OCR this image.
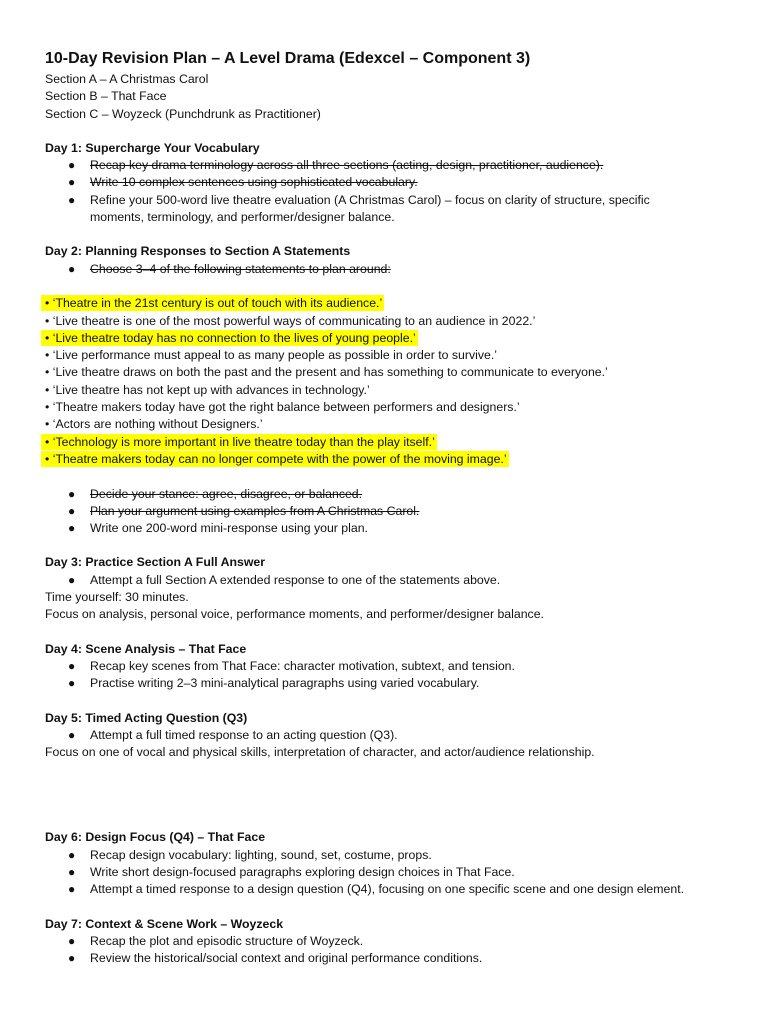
10-Day Revision Plan – A Level Drama (Edexcel – Component 3)
Section A – A Christmas Carol
Section B – That Face
Section C – Woyzeck (Punchdrunk as Practitioner)
Day 1: Supercharge Your Vocabulary
● Recap key drama terminology across all three sections (acting, design, practitioner, audience).
● Write 10 complex sentences using sophisticated vocabulary.
● Refine your 500-word live theatre evaluation (A Christmas Carol) – focus on clarity of structure, specific
moments, terminology, and performer/designer balance.
Day 2: Planning Responses to Section A Statements
● Choose 3–4 of the following statements to plan around:
• ‘Theatre in the 21st century is out of touch with its audience.’
• ‘Live theatre is one of the most powerful ways of communicating to an audience in 2022.’
• ‘Live theatre today has no connection to the lives of young people.’
• ‘Live performance must appeal to as many people as possible in order to survive.’
• ‘Live theatre draws on both the past and the present and has something to communicate to everyone.’
• ‘Live theatre has not kept up with advances in technology.’
• ‘Theatre makers today have got the right balance between performers and designers.’
• ‘Actors are nothing without Designers.’
• ‘Technology is more important in live theatre today than the play itself.’
• ‘Theatre makers today can no longer compete with the power of the moving image.’
● Decide your stance: agree, disagree, or balanced.
● Plan your argument using examples from A Christmas Carol.
● Write one 200-word mini-response using your plan.
Day 3: Practice Section A Full Answer
● Attempt a full Section A extended response to one of the statements above.
Time yourself: 30 minutes.
Focus on analysis, personal voice, performance moments, and performer/designer balance.
Day 4: Scene Analysis – That Face
● Recap key scenes from That Face: character motivation, subtext, and tension.
● Practise writing 2–3 mini-analytical paragraphs using varied vocabulary.
Day 5: Timed Acting Question (Q3)
● Attempt a full timed response to an acting question (Q3).
Focus on one of vocal and physical skills, interpretation of character, and actor/audience relationship.
Day 6: Design Focus (Q4) – That Face
● Recap design vocabulary: lighting, sound, set, costume, props.
● Write short design-focused paragraphs exploring design choices in That Face.
● Attempt a timed response to a design question (Q4), focusing on one specific scene and one design element.
Day 7: Context & Scene Work – Woyzeck
● Recap the plot and episodic structure of Woyzeck.
● Review the historical/social context and original performance conditions.
